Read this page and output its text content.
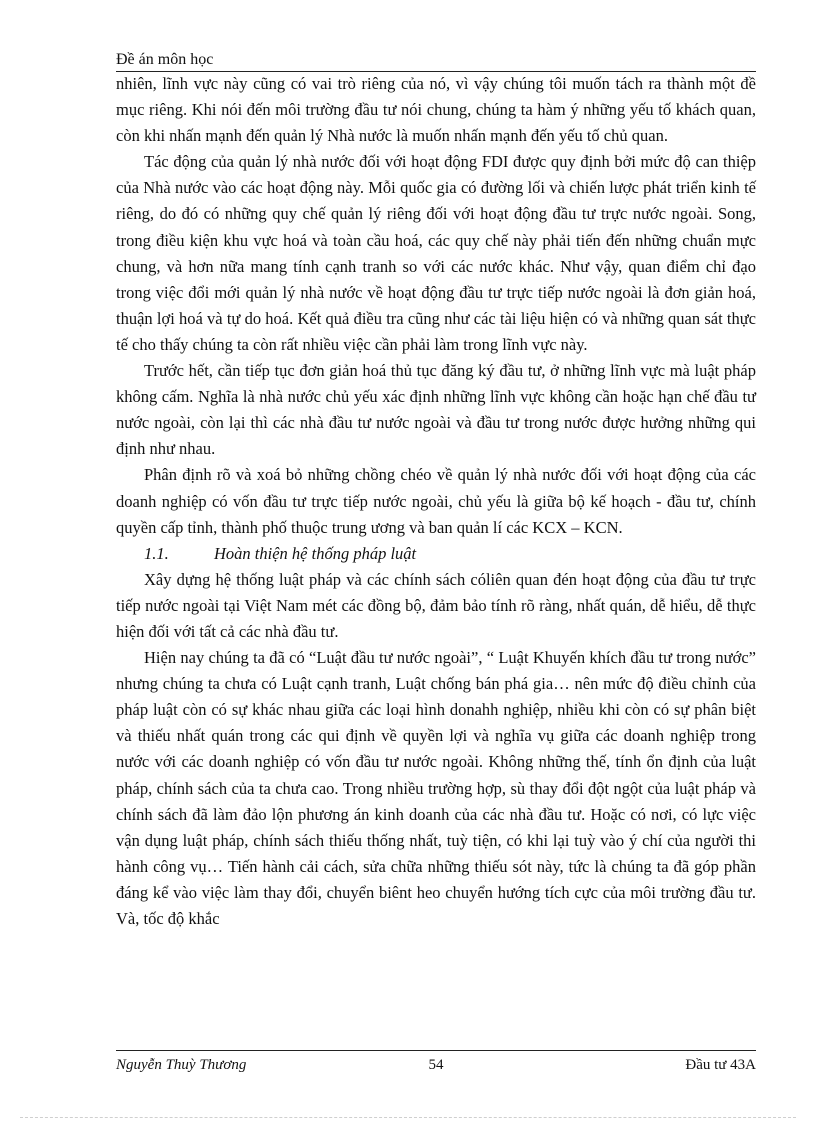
Đề án môn học

nhiên, lĩnh vực này cũng có vai trò riêng của nó, vì vậy chúng tôi muốn tách ra thành một đề mục riêng. Khi nói đến môi trường đầu tư nói chung, chúng ta hàm ý những yếu tố khách quan, còn khi nhấn mạnh đến quản lý Nhà nước là muốn nhấn mạnh đến yếu tố chủ quan.

Tác động của quản lý nhà nước đối với hoạt động FDI được quy định bởi mức độ can thiệp của Nhà nước vào các hoạt động này. Mỗi quốc gia có đường lối và chiến lược phát triển kinh tế riêng, do đó có những quy chế quản lý riêng đối với hoạt động đầu tư trực nước ngoài. Song, trong điều kiện khu vực hoá và toàn cầu hoá, các quy chế này phải tiến đến những chuẩn mực chung, và hơn nữa mang tính cạnh tranh so với các nước khác. Như vậy, quan điểm chỉ đạo trong việc đổi mới quản lý nhà nước về hoạt động đầu tư trực tiếp nước ngoài là đơn giản hoá, thuận lợi hoá và tự do hoá. Kết quả điều tra cũng như các tài liệu hiện có và những quan sát thực tế cho thấy chúng ta còn rất nhiều việc cần phải làm trong lĩnh vực này.

Trước hết, cần tiếp tục đơn giản hoá thủ tục đăng ký đầu tư, ở những lĩnh vực mà luật pháp không cấm. Nghĩa là nhà nước chủ yếu xác định những lĩnh vực không cần hoặc hạn chế đầu tư nước ngoài, còn lại thì các nhà đầu tư nước ngoài và đầu tư trong nước được hưởng những qui định như nhau.

Phân định rõ và xoá bỏ những chồng chéo về quản lý nhà nước đối với hoạt động của các doanh nghiệp có vốn đầu tư trực tiếp nước ngoài, chủ yếu là giữa bộ kế hoạch - đầu tư, chính quyền cấp tỉnh, thành phố thuộc trung ương và ban quản lí các KCX – KCN.

1.1.	Hoàn thiện hệ thống pháp luật

Xây dựng hệ thống luật pháp và các chính sách cóliên quan đén hoạt động của đầu tư trực tiếp nước ngoài tại Việt Nam mét các đồng bộ, đảm bảo tính rõ ràng, nhất quán, dễ hiểu, dễ thực hiện đối với tất cả các nhà đầu tư.

Hiện nay chúng ta đã có “Luật đầu tư nước ngoài”, “ Luật Khuyến khích đầu tư trong nước” nhưng chúng ta chưa có Luật cạnh tranh, Luật chống bán phá gia… nên mức độ điều chỉnh của pháp luật còn có sự khác nhau giữa các loại hình donahh nghiệp, nhiều khi còn có sự phân biệt và thiếu nhất quán trong các qui định về quyền lợi và nghĩa vụ giữa các doanh nghiệp trong nước với các doanh nghiệp có vốn đầu tư nước ngoài. Không những thế, tính ổn định của luật pháp, chính sách của ta chưa cao. Trong nhiều trường hợp, sù thay đổi đột ngột của luật pháp và chính sách đã làm đảo lộn phương án kinh doanh của các nhà đầu tư. Hoặc có nơi, có lực việc vận dụng luật pháp, chính sách thiếu thống nhất, tuỳ tiện, có khi lại tuỳ vào ý chí của người thi hành công vụ… Tiến hành cải cách, sửa chữa những thiếu sót này, tức là chúng ta đã góp phần đáng kể vào việc làm thay đổi, chuyển biênt heo chuyển hướng tích cực của môi trường đầu tư. Và, tốc độ khắc

Nguyễn Thuỳ Thương	54	Đầu tư 43A
